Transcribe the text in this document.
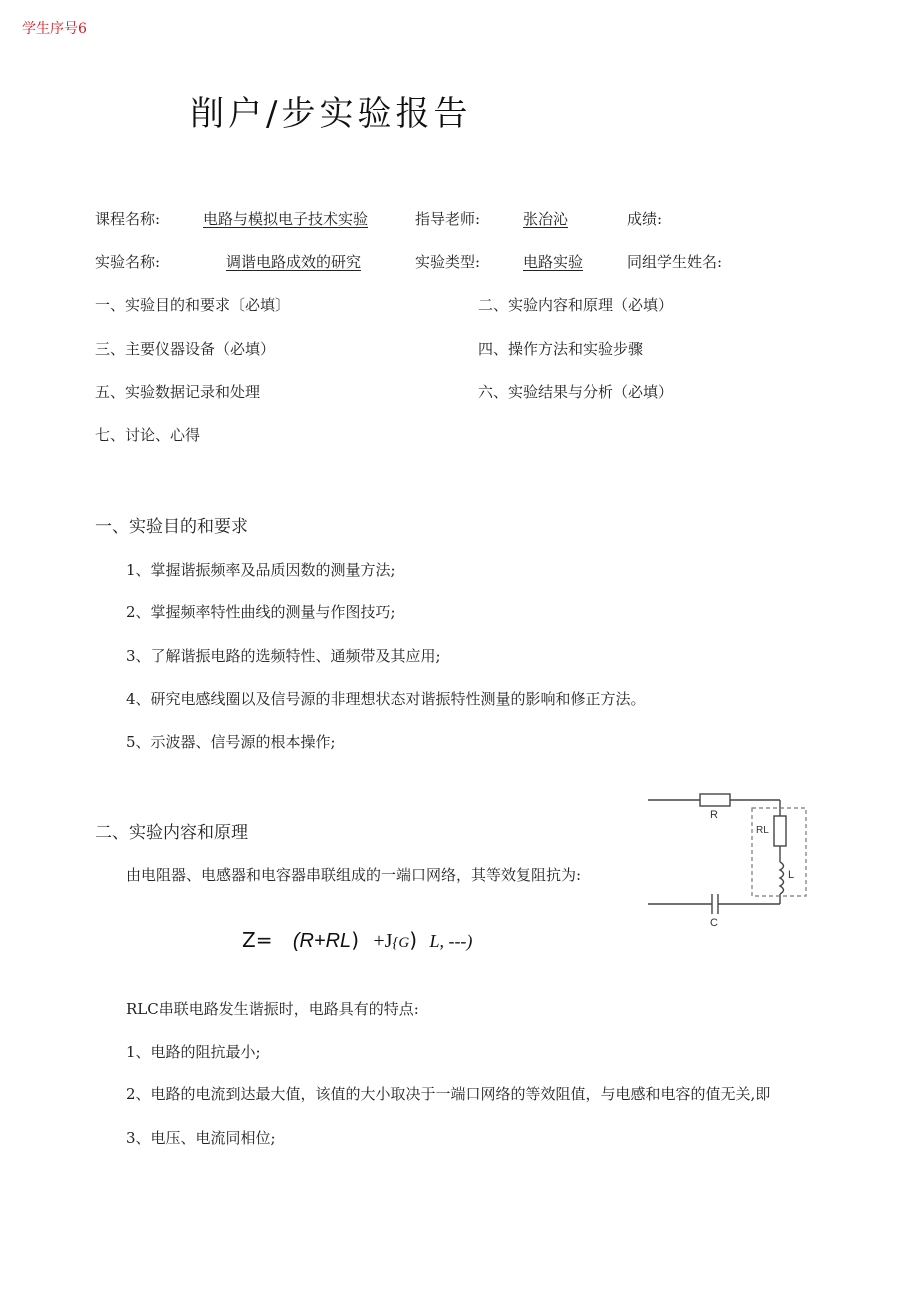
学生序号6
削户/步实验报告
课程名称:	电路与模拟电子技术实验	指导老师:	张冶沁	成绩:
实验名称:	调谐电路成效的研究	实验类型:	电路实验	同组学生姓名:
一、实验目的和要求〔必填〕	二、实验内容和原理（必填）
三、主要仪器设备（必填）	四、操作方法和实验步骤
五、实验数据记录和处理	六、实验结果与分析（必填）
七、讨论、心得
一、实验目的和要求
1、掌握谐振频率及品质因数的测量方法;
2、掌握频率特性曲线的测量与作图技巧;
3、了解谐振电路的选频特性、通频带及其应用;
4、研究电感线圈以及信号源的非理想状态对谐振特性测量的影响和修正方法。
5、示波器、信号源的根本操作;
二、实验内容和原理
由电阻器、电感器和电容器串联组成的一端口网络，其等效复阻抗为:
Z= (R+RL) +J{G) L, ---)
R
RL
L
C
RLC串联电路发生谐振时，电路具有的特点:
1、电路的阻抗最小;
2、电路的电流到达最大值，该值的大小取决于一端口网络的等效阻值，与电感和电容的值无关,即
3、电压、电流同相位;
